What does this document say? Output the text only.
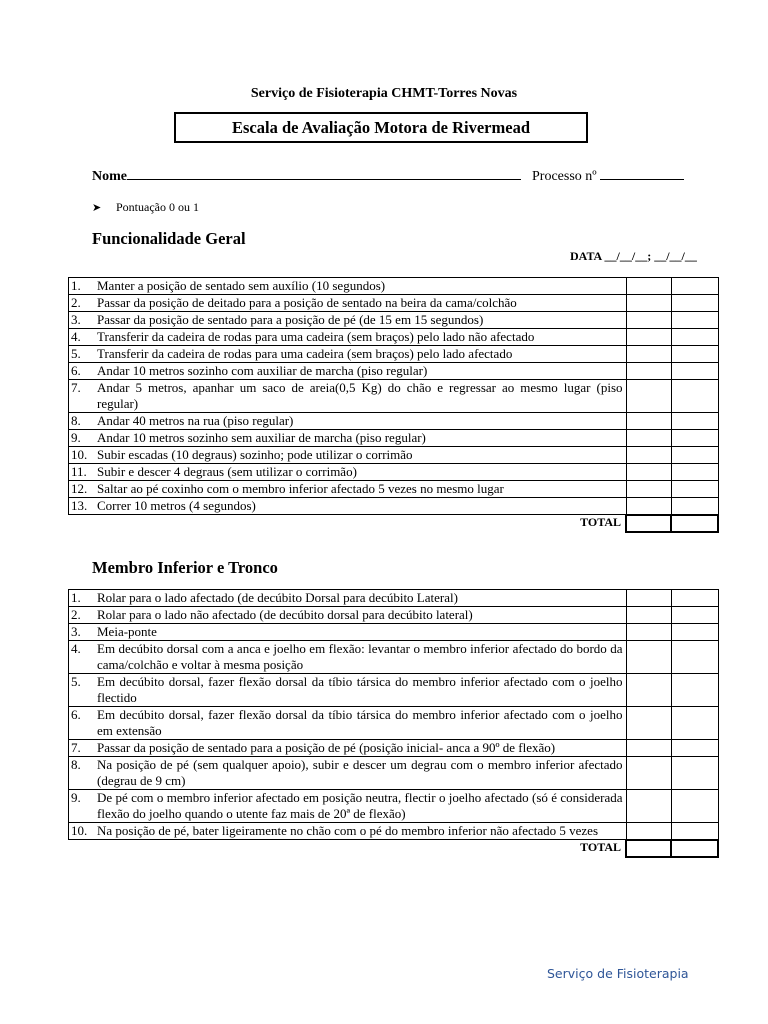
Serviço de Fisioterapia CHMT-Torres Novas
Escala de Avaliação Motora de Rivermead
Nome	Processo nº
➤ Pontuação 0 ou 1
Funcionalidade Geral
DATA __/__/__; __/__/__
1. Manter a posição de sentado sem auxílio (10 segundos)		

2. Passar da posição de deitado para a posição de sentado na beira da cama/colchão		

3. Passar da posição de sentado para a posição de pé (de 15 em 15 segundos)		

4. Transferir da cadeira de rodas para uma cadeira (sem braços) pelo lado não afectado		

5. Transferir da cadeira de rodas para uma cadeira (sem braços) pelo lado afectado		

6. Andar 10 metros sozinho com auxiliar de marcha (piso regular)		

7. Andar 5 metros, apanhar um saco de areia(0,5 Kg) do chão e regressar ao mesmo lugar (piso regular)		

8. Andar 40 metros na rua (piso regular)		

9. Andar 10 metros sozinho sem auxiliar de marcha (piso regular)		

10. Subir escadas (10 degraus) sozinho; pode utilizar o corrimão		

11. Subir e descer 4 degraus (sem utilizar o corrimão)		

12. Saltar ao pé coxinho com o membro inferior afectado 5 vezes no mesmo lugar		

13. Correr 10 metros (4 segundos)		

TOTAL		
Membro Inferior e Tronco
1. Rolar para o lado afectado (de decúbito Dorsal para decúbito Lateral)		

2. Rolar para o lado não afectado (de decúbito dorsal para decúbito lateral)		

3. Meia-ponte		

4. Em decúbito dorsal com a anca e joelho em flexão: levantar o membro inferior afectado do bordo da cama/colchão e voltar à mesma posição		

5. Em decúbito dorsal, fazer flexão dorsal da tíbio társica do membro inferior afectado com o joelho flectido		

6. Em decúbito dorsal, fazer flexão dorsal da tíbio társica do membro inferior afectado com o joelho em extensão		

7. Passar da posição de sentado para a posição de pé (posição inicial- anca a 90º de flexão)		

8. Na posição de pé (sem qualquer apoio), subir e descer um degrau com o membro inferior afectado (degrau de 9 cm)		

9. De pé com o membro inferior afectado em posição neutra, flectir o joelho afectado (só é considerada flexão do joelho quando o utente faz mais de 20ª de flexão)		

10. Na posição de pé, bater ligeiramente no chão com o pé do membro inferior não afectado 5 vezes		

TOTAL		
Serviço de Fisioterapia
